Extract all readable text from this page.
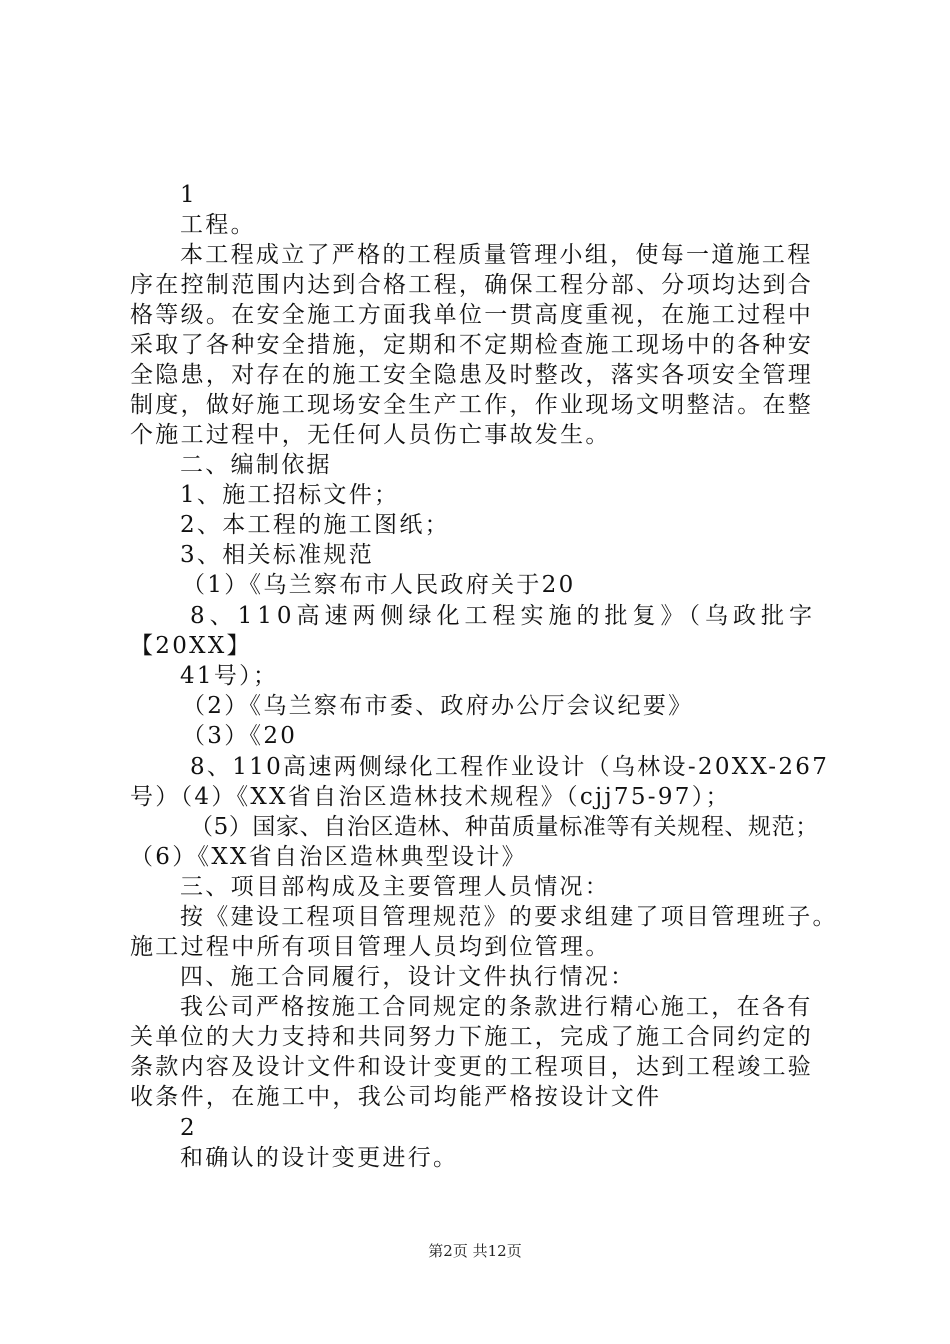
1
工程。
本工程成立了严格的工程质量管理小组，使每一道施工程
序在控制范围内达到合格工程，确保工程分部、分项均达到合
格等级。在安全施工方面我单位一贯高度重视，在施工过程中
采取了各种安全措施，定期和不定期检查施工现场中的各种安
全隐患，对存在的施工安全隐患及时整改，落实各项安全管理
制度，做好施工现场安全生产工作，作业现场文明整洁。在整
个施工过程中，无任何人员伤亡事故发生。
二、编制依据
1、施工招标文件；
2、本工程的施工图纸；
3、相关标准规范
（1）《乌兰察布市人民政府关于20
8、110高速两侧绿化工程实施的批复》（乌政批字
【20XX】
41号）；
（2）《乌兰察布市委、政府办公厅会议纪要》
（3）《20
8、110高速两侧绿化工程作业设计（乌林设-20XX-267
号）（4）《XX省自治区造林技术规程》（cjj75-97）；
（5）国家、自治区造林、种苗质量标准等有关规程、规范；
（6）《XX省自治区造林典型设计》
三、项目部构成及主要管理人员情况：
按《建设工程项目管理规范》的要求组建了项目管理班子。
施工过程中所有项目管理人员均到位管理。
四、施工合同履行，设计文件执行情况：
我公司严格按施工合同规定的条款进行精心施工，在各有
关单位的大力支持和共同努力下施工，完成了施工合同约定的
条款内容及设计文件和设计变更的工程项目，达到工程竣工验
收条件，在施工中，我公司均能严格按设计文件
2
和确认的设计变更进行。
第2页 共12页
